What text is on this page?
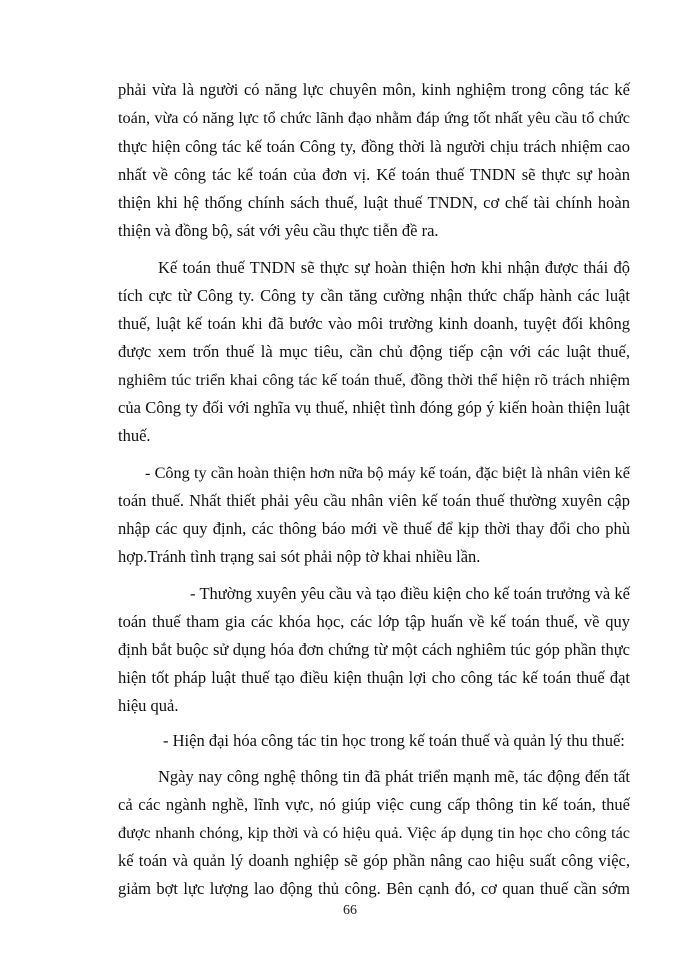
phải vừa là người có năng lực chuyên môn, kinh nghiệm trong công tác kế
toán, vừa có năng lực tổ chức lãnh đạo nhằm đáp ứng tốt nhất yêu cầu tổ chức
thực hiện công tác kế toán Công ty, đồng thời là người chịu trách nhiệm cao
nhất về công tác kế toán của đơn vị. Kế toán thuế TNDN sẽ thực sự hoàn
thiện khi hệ thống chính sách thuế, luật thuế TNDN, cơ chế tài chính hoàn
thiện và đồng bộ, sát với yêu cầu thực tiễn đề ra.
Kế toán thuế TNDN sẽ thực sự hoàn thiện hơn khi nhận được thái độ
tích cực từ Công ty. Công ty cần tăng cường nhận thức chấp hành các luật
thuế, luật kế toán khi đã bước vào môi trường kinh doanh, tuyệt đối không
được xem trốn thuế là mục tiêu, cần chủ động tiếp cận với các luật thuế,
nghiêm túc triển khai công tác kế toán thuế, đồng thời thể hiện rõ trách nhiệm
của Công ty đối với nghĩa vụ thuế, nhiệt tình đóng góp ý kiến hoàn thiện luật
thuế.
- Công ty cần hoàn thiện hơn nữa bộ máy kế toán, đặc biệt là nhân viên kế
toán thuế. Nhất thiết phải yêu cầu nhân viên kế toán thuế thường xuyên cập
nhập các quy định, các thông báo mới về thuế để kịp thời thay đổi cho phù
hợp.Tránh tình trạng sai sót phải nộp tờ khai nhiều lần.
- Thường xuyên yêu cầu và tạo điều kiện cho kế toán trưởng và kế
toán thuế tham gia các khóa học, các lớp tập huấn về kế toán thuế, về quy
định bắt buộc sử dụng hóa đơn chứng từ một cách nghiêm túc góp phần thực
hiện tốt pháp luật thuế tạo điều kiện thuận lợi cho công tác kế toán thuế đạt
hiệu quả.
- Hiện đại hóa công tác tin học trong kế toán thuế và quản lý thu thuế:
Ngày nay công nghệ thông tin đã phát triển mạnh mẽ, tác động đến tất
cả các ngành nghề, lĩnh vực, nó giúp việc cung cấp thông tin kế toán, thuế
được nhanh chóng, kịp thời và có hiệu quả. Việc áp dụng tin học cho công tác
kế toán và quản lý doanh nghiệp sẽ góp phần nâng cao hiệu suất công việc,
giảm bợt lực lượng lao động thủ công. Bên cạnh đó, cơ quan thuế cần sớm
66
